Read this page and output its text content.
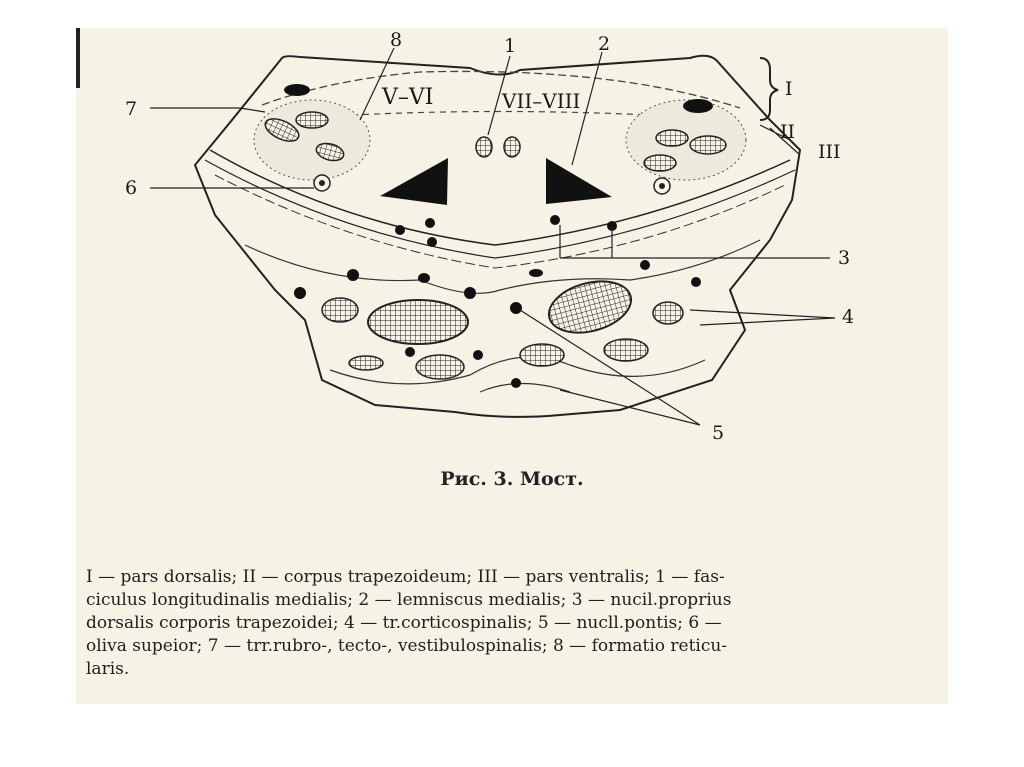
V–VI	VII–VIII
1	2
3
4
5
6
7
8
I
II
III
Рис. 3. Мост.
I — pars dorsalis; II — corpus trapezoideum; III — pars ventralis; 1 — fas-
ciculus longitudinalis medialis; 2 — lemniscus medialis; 3 — nucil.proprius
dorsalis corporis trapezoidei; 4 — tr.corticospinalis; 5 — nucll.pontis; 6 —
oliva supeior; 7 — trr.rubro-, tecto-, vestibulospinalis; 8 — formatio reticu-
laris.
